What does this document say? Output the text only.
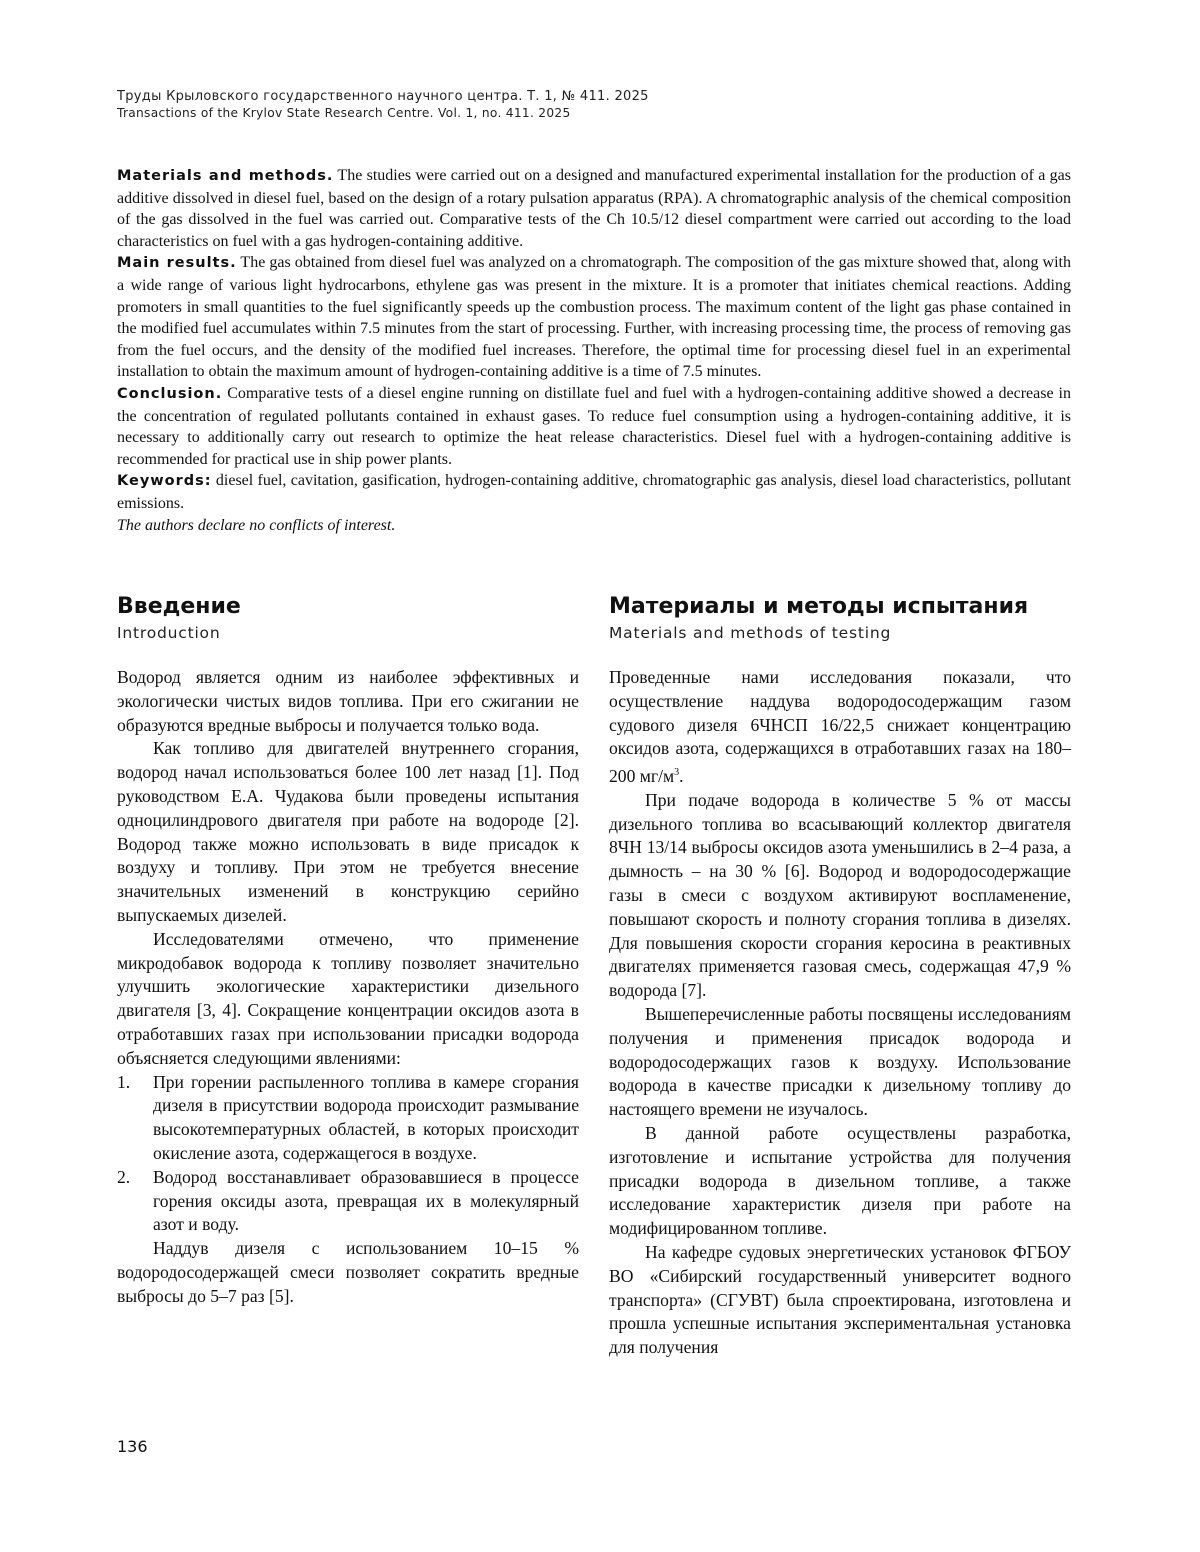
Труды Крыловского государственного научного центра. Т. 1, № 411. 2025
Transactions of the Krylov State Research Centre. Vol. 1, no. 411. 2025

Materials and methods. The studies were carried out on a designed and manufactured experimental installation for the production of a gas additive dissolved in diesel fuel, based on the design of a rotary pulsation apparatus (RPA). A chromatographic analysis of the chemical composition of the gas dissolved in the fuel was carried out. Comparative tests of the Ch 10.5/12 diesel compartment were carried out according to the load characteristics on fuel with a gas hydrogen-containing additive.

Main results. The gas obtained from diesel fuel was analyzed on a chromatograph. The composition of the gas mixture showed that, along with a wide range of various light hydrocarbons, ethylene gas was present in the mixture. It is a promoter that initiates chemical reactions. Adding promoters in small quantities to the fuel significantly speeds up the combustion process. The maximum content of the light gas phase contained in the modified fuel accumulates within 7.5 minutes from the start of processing. Further, with increasing processing time, the process of removing gas from the fuel occurs, and the density of the modified fuel increases. Therefore, the optimal time for processing diesel fuel in an experimental installation to obtain the maximum amount of hydrogen-containing additive is a time of 7.5 minutes.

Conclusion. Comparative tests of a diesel engine running on distillate fuel and fuel with a hydrogen-containing additive showed a decrease in the concentration of regulated pollutants contained in exhaust gases. To reduce fuel consumption using a hydrogen-containing additive, it is necessary to additionally carry out research to optimize the heat release characteristics. Diesel fuel with a hydrogen-containing additive is recommended for practical use in ship power plants.

Keywords: diesel fuel, cavitation, gasification, hydrogen-containing additive, chromatographic gas analysis, diesel load characteristics, pollutant emissions.

The authors declare no conflicts of interest.

Введение
Introduction

Водород является одним из наиболее эффективных и экологически чистых видов топлива. При его сжигании не образуются вредные выбросы и получается только вода.

Как топливо для двигателей внутреннего сгорания, водород начал использоваться более 100 лет назад [1]. Под руководством Е.А. Чудакова были проведены испытания одноцилиндрового двигателя при работе на водороде [2]. Водород также можно использовать в виде присадок к воздуху и топливу. При этом не требуется внесение значительных изменений в конструкцию серийно выпускаемых дизелей.

Исследователями отмечено, что применение микродобавок водорода к топливу позволяет значительно улучшить экологические характеристики дизельного двигателя [3, 4]. Сокращение концентрации оксидов азота в отработавших газах при использовании присадки водорода объясняется следующими явлениями:

1.	При горении распыленного топлива в камере сгорания дизеля в присутствии водорода происходит размывание высокотемпературных областей, в которых происходит окисление азота, содержащегося в воздухе.
2.	Водород восстанавливает образовавшиеся в процессе горения оксиды азота, превращая их в молекулярный азот и воду.

Наддув дизеля с использованием 10–15 % водородосодержащей смеси позволяет сократить вредные выбросы до 5–7 раз [5].

Материалы и методы испытания
Materials and methods of testing

Проведенные нами исследования показали, что осуществление наддува водородосодержащим газом судового дизеля 6ЧНСП 16/22,5 снижает концентрацию оксидов азота, содержащихся в отработавших газах на 180–200 мг/м3.

При подаче водорода в количестве 5 % от массы дизельного топлива во всасывающий коллектор двигателя 8ЧН 13/14 выбросы оксидов азота уменьшились в 2–4 раза, а дымность – на 30 % [6]. Водород и водородосодержащие газы в смеси с воздухом активируют воспламенение, повышают скорость и полноту сгорания топлива в дизелях. Для повышения скорости сгорания керосина в реактивных двигателях применяется газовая смесь, содержащая 47,9 % водорода [7].

Вышеперечисленные работы посвящены исследованиям получения и применения присадок водорода и водородосодержащих газов к воздуху. Использование водорода в качестве присадки к дизельному топливу до настоящего времени не изучалось.

В данной работе осуществлены разработка, изготовление и испытание устройства для получения присадки водорода в дизельном топливе, а также исследование характеристик дизеля при работе на модифицированном топливе.

На кафедре судовых энергетических установок ФГБОУ ВО «Сибирский государственный университет водного транспорта» (СГУВТ) была спроектирована, изготовлена и прошла успешные испытания экспериментальная установка для получения

136
